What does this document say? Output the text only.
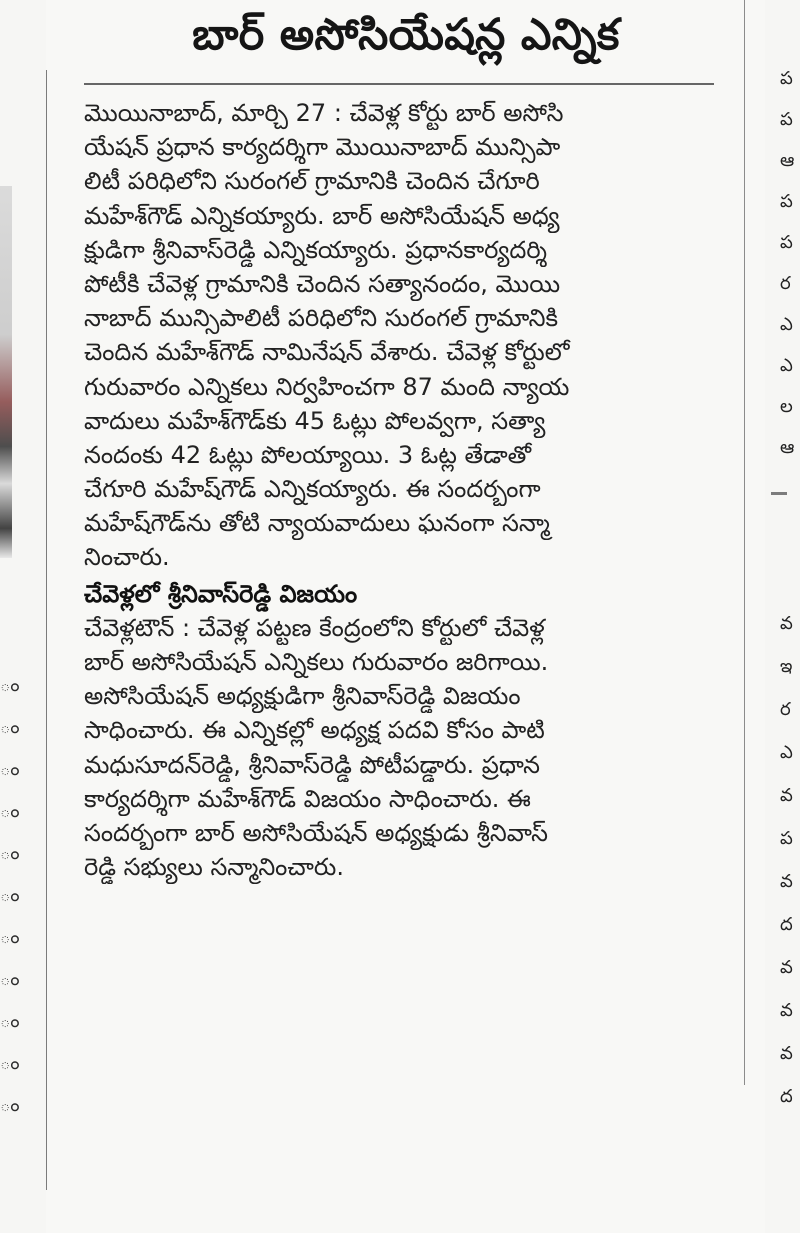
ం
ం
ం
ం
ం
ం
ం
ం
ం
ం
ం
బార్ అసోసియేషన్ల ఎన్నిక
మొయినాబాద్, మార్చి 27 : చేవెళ్ల కోర్టు బార్ అసోసి
యేషన్ ప్రధాన కార్యదర్శిగా మొయినాబాద్ మున్సిపా
లిటీ పరిధిలోని సురంగల్ గ్రామానికి చెందిన చేగూరి
మహేశ్‌గౌడ్ ఎన్నికయ్యారు. బార్ అసోసియేషన్ అధ్య
క్షుడిగా శ్రీనివాస్‌రెడ్డి ఎన్నికయ్యారు. ప్రధానకార్యదర్శి
పోటీకి చేవెళ్ల గ్రామానికి చెందిన సత్యానందం, మొయి
నాబాద్ మున్సిపాలిటీ పరిధిలోని సురంగల్ గ్రామానికి
చెందిన మహేశ్‌గౌడ్ నామినేషన్ వేశారు. చేవెళ్ల కోర్టులో
గురువారం ఎన్నికలు నిర్వహించగా 87 మంది న్యాయ
వాదులు మహేశ్‌గౌడ్‌కు 45 ఓట్లు పోలవ్వగా, సత్యా
నందంకు 42 ఓట్లు పోలయ్యాయి. 3 ఓట్ల తేడాతో
చేగూరి మహేష్‌గౌడ్ ఎన్నికయ్యారు. ఈ సందర్భంగా
మహేష్‌గౌడ్‌ను తోటి న్యాయవాదులు ఘనంగా సన్మా
నించారు.
చేవెళ్లలో శ్రీనివాస్‌రెడ్డి విజయం
చేవెళ్లటౌన్ : చేవెళ్ల పట్టణ కేంద్రంలోని కోర్టులో చేవెళ్ల
బార్ అసోసియేషన్ ఎన్నికలు గురువారం జరిగాయి.
అసోసియేషన్ అధ్యక్షుడిగా శ్రీనివాస్‌రెడ్డి విజయం
సాధించారు. ఈ ఎన్నికల్లో అధ్యక్ష పదవి కోసం పాటి
మధుసూదన్‌రెడ్డి, శ్రీనివాస్‌రెడ్డి పోటీపడ్డారు. ప్రధాన
కార్యదర్శిగా మహేశ్‌గౌడ్ విజయం సాధించారు. ఈ
సందర్భంగా బార్ అసోసియేషన్ అధ్యక్షుడు శ్రీనివాస్
రెడ్డి సభ్యులు సన్మానించారు.
ప
ప
ఆ
ప
ప
ర
ఎ
ఎ
ల
ఆ
వ
ఇ
ర
ఎ
వ
ప
వ
ద
వ
వ
వ
ద
